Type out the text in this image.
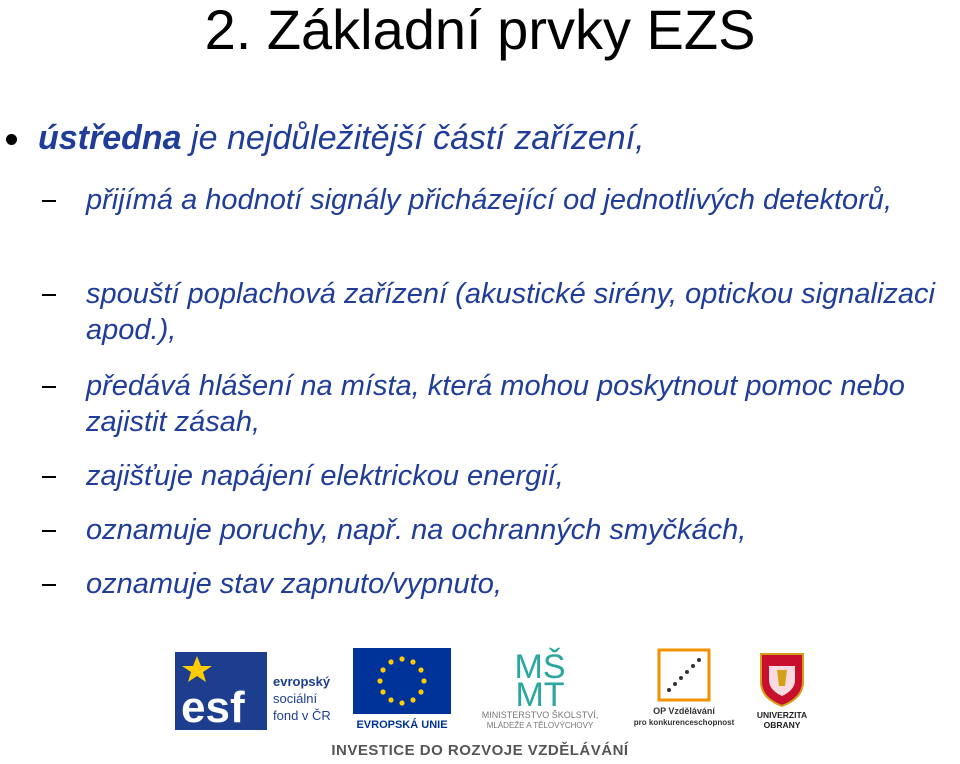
2. Základní prvky EZS
ústředna je nejdůležitější částí zařízení,
přijímá a hodnotí signály přicházející od jednotlivých detektorů,
spouští poplachová zařízení (akustické sirény, optickou signalizaci apod.),
předává hlášení na místa, která mohou poskytnout pomoc nebo zajistit zásah,
zajišťuje napájení elektrickou energií,
oznamuje poruchy, např. na ochranných smyčkách,
oznamuje stav zapnuto/vypnuto,
esf
evropský
sociální
fond v ČR
EVROPSKÁ UNIE
MŠ
MT
MINISTERSTVO ŠKOLSTVÍ,
MLÁDEŽE A TĚLOVÝCHOVY
OP Vzdělávání
pro konkurenceschopnost
UNIVERZITA
OBRANY
INVESTICE DO ROZVOJE VZDĚLÁVÁNÍ
